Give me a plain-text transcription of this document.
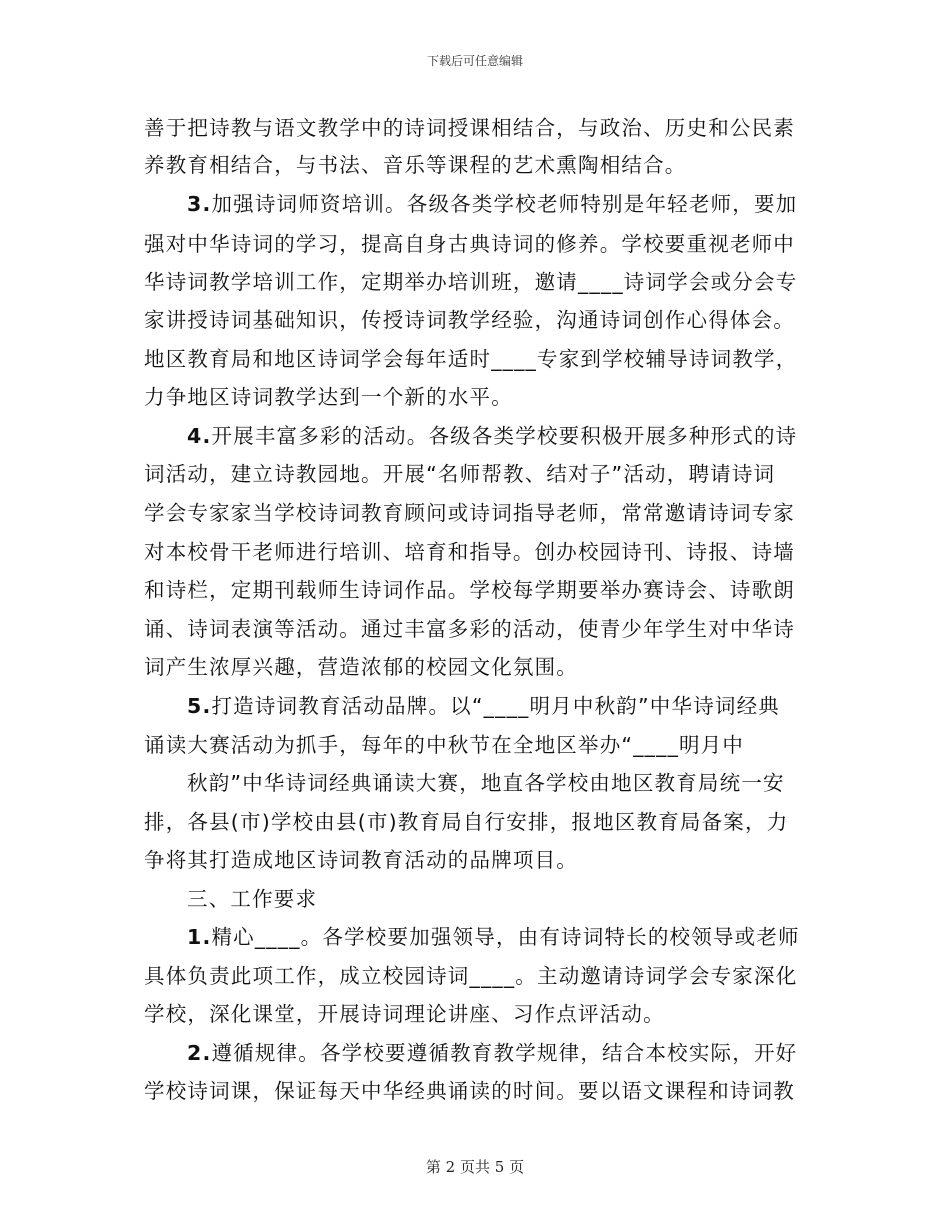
下载后可任意编辑
善于把诗教与语文教学中的诗词授课相结合，与政治、历史和公民素
养教育相结合，与书法、音乐等课程的艺术熏陶相结合。
3.加强诗词师资培训。各级各类学校老师特别是年轻老师，要加
强对中华诗词的学习，提高自身古典诗词的修养。学校要重视老师中
华诗词教学培训工作，定期举办培训班，邀请____诗词学会或分会专
家讲授诗词基础知识，传授诗词教学经验，沟通诗词创作心得体会。
地区教育局和地区诗词学会每年适时____专家到学校辅导诗词教学，
力争地区诗词教学达到一个新的水平。
4.开展丰富多彩的活动。各级各类学校要积极开展多种形式的诗
词活动，建立诗教园地。开展“名师帮教、结对子”活动，聘请诗词
学会专家家当学校诗词教育顾问或诗词指导老师，常常邀请诗词专家
对本校骨干老师进行培训、培育和指导。创办校园诗刊、诗报、诗墙
和诗栏，定期刊载师生诗词作品。学校每学期要举办赛诗会、诗歌朗
诵、诗词表演等活动。通过丰富多彩的活动，使青少年学生对中华诗
词产生浓厚兴趣，营造浓郁的校园文化氛围。
5.打造诗词教育活动品牌。以“____明月中秋韵”中华诗词经典
诵读大赛活动为抓手，每年的中秋节在全地区举办“____明月中
秋韵”中华诗词经典诵读大赛，地直各学校由地区教育局统一安
排，各县(市)学校由县(市)教育局自行安排，报地区教育局备案，力
争将其打造成地区诗词教育活动的品牌项目。
三、工作要求
1.精心____。各学校要加强领导，由有诗词特长的校领导或老师
具体负责此项工作，成立校园诗词____。主动邀请诗词学会专家深化
学校，深化课堂，开展诗词理论讲座、习作点评活动。
2.遵循规律。各学校要遵循教育教学规律，结合本校实际，开好
学校诗词课，保证每天中华经典诵读的时间。要以语文课程和诗词教
第 2 页共 5 页
